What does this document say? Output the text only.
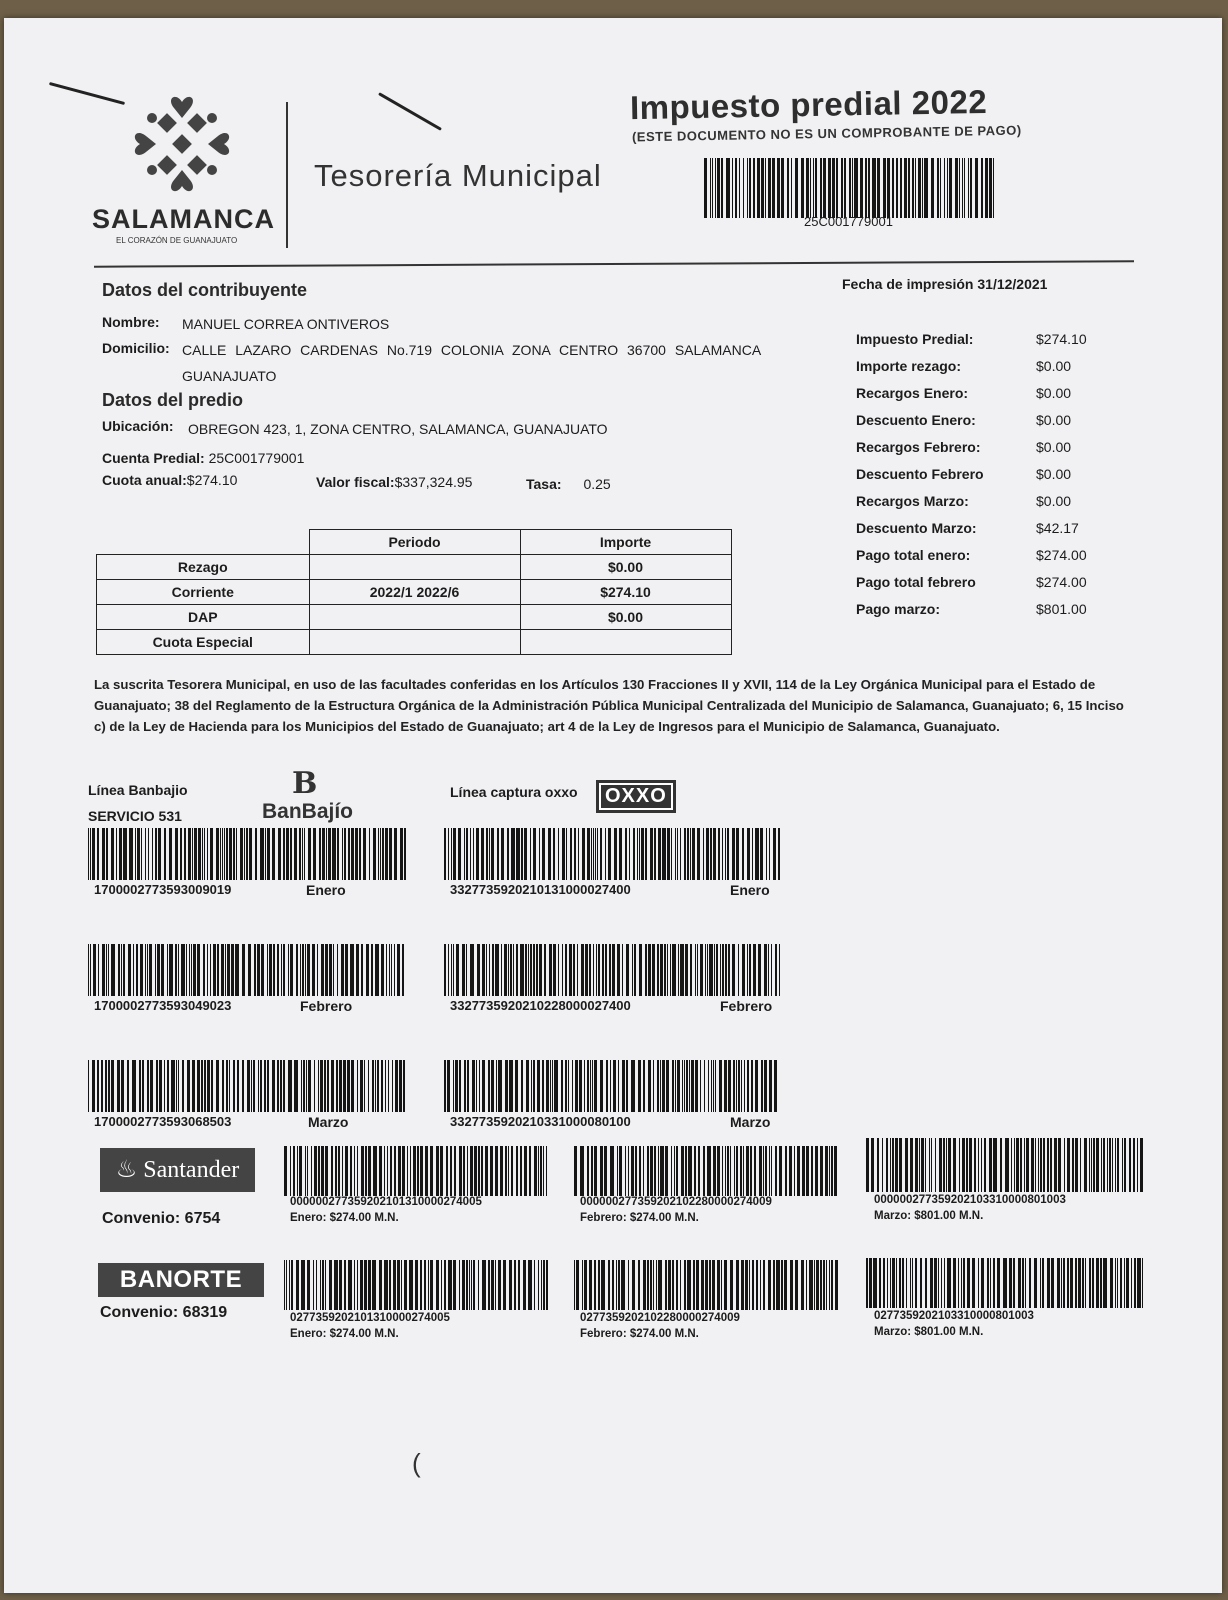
SALAMANCA
EL CORAZÓN DE GUANAJUATO
Tesorería Municipal
Impuesto predial 2022
(ESTE DOCUMENTO NO ES UN COMPROBANTE DE PAGO)
25C001779001
Fecha de impresión 31/12/2021
Datos del contribuyente
Nombre: MANUEL CORREA ONTIVEROS
Domicilio: CALLE LAZARO CARDENAS No.719 COLONIA ZONA CENTRO 36700 SALAMANCA
GUANAJUATO
Datos del predio
Ubicación: OBREGON 423, 1, ZONA CENTRO, SALAMANCA, GUANAJUATO
Cuenta Predial: 25C001779001
Cuota anual:$274.10	Valor fiscal:$337,324.95	Tasa: 0.25
Impuesto Predial:	$274.10
Importe rezago:	$0.00
Recargos Enero:	$0.00
Descuento Enero:	$0.00
Recargos Febrero:	$0.00
Descuento Febrero	$0.00
Recargos Marzo:	$0.00
Descuento Marzo:	$42.17
Pago total enero:	$274.00
Pago total febrero	$274.00
Pago marzo:	$801.00
	Periodo	Importe
Rezago		$0.00
Corriente	2022/1 2022/6	$274.10
DAP		$0.00
Cuota Especial		
La suscrita Tesorera Municipal, en uso de las facultades conferidas en los Artículos 130 Fracciones II y XVII, 114 de la Ley Orgánica Municipal para el Estado de Guanajuato; 38 del Reglamento de la Estructura Orgánica de la Administración Pública Municipal Centralizada del Municipio de Salamanca, Guanajuato; 6, 15 Inciso c) de la Ley de Hacienda para los Municipios del Estado de Guanajuato; art 4 de la Ley de Ingresos para el Municipio de Salamanca, Guanajuato.
Línea Banbajio
SERVICIO 531
B
BanBajío
Línea captura oxxo	OXXO
1700002773593009019	Enero
1700002773593049023	Febrero
1700002773593068503	Marzo
3327735920210131000027400	Enero
3327735920210228000027400	Febrero
3327735920210331000080100	Marzo
♨ Santander
Convenio: 6754
000000277359202101310000274005
Enero: $274.00 M.N.
000000277359202102280000274009
Febrero: $274.00 M.N.
000000277359202103310000801003
Marzo: $801.00 M.N.
BANORTE
Convenio: 68319	0277359202101310000274005
Enero: $274.00 M.N.
0277359202102280000274009
Febrero: $274.00 M.N.
0277359202103310000801003
Marzo: $801.00 M.N.
(
